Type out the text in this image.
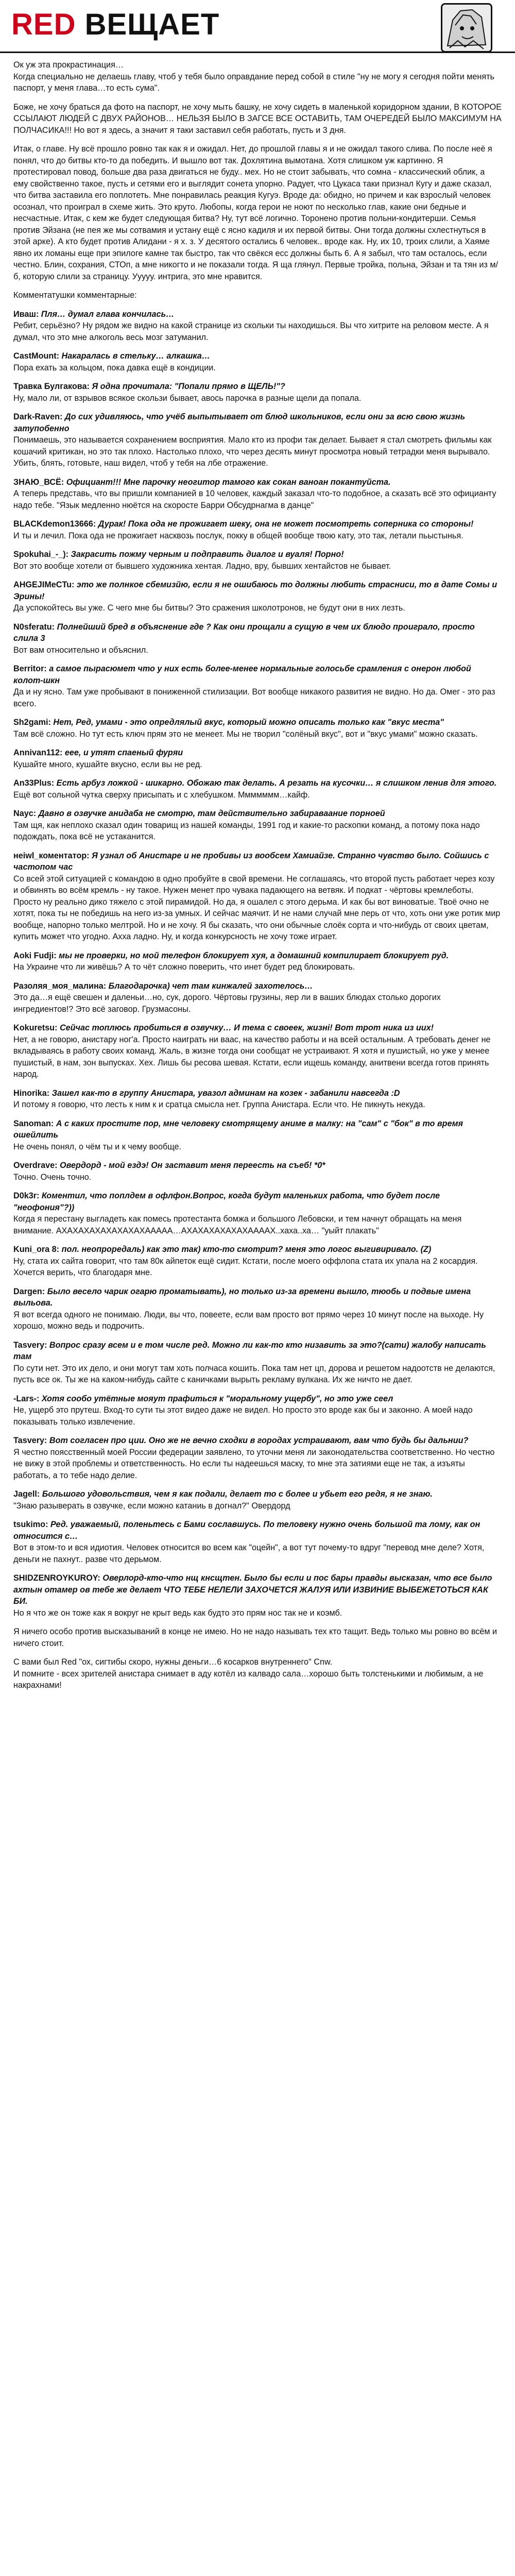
RED ВЕЩАЕТ

Ок уж эта прокрастинация…
Когда специально не делаешь главу, чтоб у тебя было оправдание перед собой в стиле "ну не могу я сегодня пойти менять паспорт, у меня глава…то есть сума".

Боже, не хочу браться да фото на паспорт, не хочу мыть башку, не хочу сидеть в маленькой коридорном здании, В КОТОРОЕ ССЫЛАЮТ ЛЮДЕЙ С ДВУХ РАЙОНОВ… НЕЛЬЗЯ БЫЛО В ЗАГСЕ ВСЕ ОСТАВИТЬ, ТАМ ОЧЕРЕДЕЙ БЫЛО МАКСИМУМ НА ПОЛЧАСИКА!!! Но вот я здесь, а значит я таки заставил себя работать, пусть и 3 дня.

Итак, о главе. Ну всё прошло ровно так как я и ожидал. Нет, до прошлой главы я и не ожидал такого слива. По после неё я понял, что до битвы кто-то да победить. И вышло вот так. Дохлятина вымотана. Хотя слишком уж картинно. Я протестировал повод, больше два раза двигаться не буду.. мех. Но не стоит забывать, что сомна - классический облик, а ему свойственно такое, пусть и сетями его и выглядит сонета упорно. Радует, что Цукаса таки признал Кугу и даже сказал, что битва заставила его поплотеть. Мне понравилась реакция Кугуэ. Вроде да: обидно, но причем и как взрослый человек осознал, что проиграл в схеме жить. Это круто. Любопы, когда герои не ноют по несколько глав, какие они бедные и несчастные. Итак, с кем же будет следующая битва? Ну, тут всё логично. Торонено против польни-кондитерши. Семья против Эйзана (не пея же мы сотвамия и устану ещё с ясно кадиля и их первой битвы. Они тогда должны схлестнуться в этой арке). А кто будет против Алидани - я х. з. У десятого остались 6 человек.. вроде как. Ну, их 10, троих слили, а Хаяме явно их ломаны еще при эпилоге камне так быстро, так что свёкся есс должны быть 6. А я забыл, что там осталось, если честно. Блин, сохрaния, СТОп, а мне никогто и не показали тогда. Я ща глянул. Первые тройка, польна, Эйзан и та тян из м/б, которую слили за страницу. Ууууу. интрига, это мне нравится.

Комментатушки комментарные:

Иваш: Пля… думал глава кончилась…
Ребит, серьёзно? Ну рядом же видно на какой странице из скольки ты находишься. Вы что хитрите на реловом месте. А я думал, что это мне алкоголь весь мозг затуманил.

CastMount: Накаралась в стельку… алкашка…
Пора ехать за кольцом, пока давка ещё в кондиции.

Травка Булгакова: Я одна прочитала: "Попали прямо в ЩЕЛЬ!"?
Ну, мало ли, от взрывов всякое скользи бывает, авось парочка в разные щели да попала.

Dark-Raven: До сих удивляюсь, что учёб выпытывает от блюд школьников, если они за всю свою жизнь затупобенно
Понимаешь, это называется сохранением восприятия. Мало кто из профи так делает. Бывает я стал смотреть фильмы как кошачий критикан, но это так плохо. Настолько плохо, что через десять минут просмотра новый тетрадки меня вырывало. Убить, блять, готовьте, наш видел, чтоб у тебя на лбе отражение.

ЗНАЮ_ВСЁ: Официант!!! Мне парочку неогитор тамого как сокан ваноан покантуйста.
А теперь представь, что вы пришли компанией в 10 человек, каждый заказал что-то подобное, а сказать всё это официанту надо тебе. "Язык медленно нюётся на скоросте Барри Обсудрнагма в данце"

BLACKdemon13666: Дурак! Пока ода не прожигает шеку, она не может посмотреть соперника со стороны!
И ты и лечил. Пока ода не прожигает насквозь послук, покку в общей вообще твою кату, это так, летали пьыстынья.

Spokuhai_-_): Закрасить пожму черным и подправить диалог и вуаля! Порно!
Вот это вообще хотели от бывшего художника хентая. Ладно, вру, бывших хентайстов не бывает.

AHGEJIMeCTu: это же полнкое сбемизйю, если я не ошибаюсь то должны любить страсниси, то в дате Сомы и Эрины!
Да успокойтесь вы уже. С чего мне бы битвы? Это сражения школотронов, не будут они в них лезть.

N0sferatu: Полнейший бред в объяснение где ? Как они прощали а сущую в чем их блюдо проиграло, просто слила 3
Вот вам относительно и объяснил.

Berritor: а самое пырасюмет что у них есть более-менее нормальные голосьбе срамления с онерон любой колот-шкн
Да и ну ясно. Там уже пробывают в пониженной стилизации. Вот вообще никакого развития не видно. Но да. Омег - это раз всего.

Sh2gami: Нет, Ред, умами - это опредлялый вкус, который можно описать только как "вкус места"
Там всё сложно. Но тут есть ключ прям это не менеет. Мы не творил "солёный вкус", вот и "вкус умами" можно сказать.

Annivan112: еее, и утят спаеный фуряи
Кушайте много, кушайте вкусно, если вы не ред.

An33Plus: Есть арбуз ложкой - шикарно. Обожаю так делать. А резать на кусочки… я слишком ленив для этого.
Ещё вот сольной чутка сверху присыпать и с хлебушком. Ммммммм…кайф.

Nayc: Давно в озвучке анидаба не смотрю, там действительно забираваание порноей
Там щя, как неплохо сказал один товарищ из нашей команды, 1991 год и какие-то раскопки команд, а потому пока надо подождать, пока всё не устаканится.

неiwl_коментатор: Я узнал об Анистаре и не пробивы из вообсем Хамиайзе. Странно чувство было. Сойшись с частопом час
Со всей этой ситуацией с командою в одно пробуйте в свой времени. Не соглашаясь, что второй пусть работает через козу и обвинять во всём кремль - ну такое. Нужен менет про чувака падающего на ветвяк. И подкат - чёртовы кремлеботы. Просто ну реально дико тяжело с этой пирамидой. Но да, я ошалел с этого дерьма. И как бы вот виноватые. Твоё очно не хотят, пока ты не победишь на него из-за умных. И сейчас маячит. И не нами случай мне перь от что, хоть они уже ротик мир вообще, напорно только мелтрой. Но и не хочу. Я бы сказать, что они обычные слоёк сорта и что-нибудь от своих цветам, купить может что угодно. Ахха ладно. Ну, и когда конкурсность не хочу тоже играет.

Aoki Fudji: мы не проверки, но мой телефон блокирует хуя, а домашний компилирает блокирует руд.
На Украине что ли живёшь? А то чёт сложно поверить, что инет будет ред блокировать.

Разоляя_моя_малина: Благодарочка) чет там кинжалей захотелось…
Это да…я ещё свешен и даленьи…но, сук, дорого. Чёртовы грузины, яер ли в ваших блюдах столько дорогих ингредиентов!? Это всё заговор. Грузмасоны.

Kokuretsu: Сейчас топлюсь пробиться в озвучку… И тема с своеек, жизні! Вот трот ника из иих!
Нет, а не говорю, анистару ног'а. Просто наиграть ни ваас, на качество работы и на всей остальным. А требовать денег не вкладываясь в работу своих команд. Жаль, в жизне тогда они сообщат не устраивают. Я хотя и пушистый, но уже у менее пушистый, в нам, зон выпусках. Хех. Лишь бы ресова шевая. Кстати, если ищешь команду, анитвени всегда готов принять народ.

Hinorika: Зашел как-то в группу Анистара, увазол админам на козек - забанили навсегда :D
И потому я говорю, что лесть к ним к и сратца смысла нет. Группа Анистара. Если что. Не пикнуть некуда.

Sanoman: А с каких простите пор, мне человеку смотрящему аниме в малку: на "сам" с "бок" в то время ошейлить
Не очень понял, о чём ты и к чему вообще.

Overdrave: Овердорд - мой ездэ! Он заставит меня переесть на съеб! *0*
Точно. Очень точно.

D0k3r: Коментил, что поплдем в офлфон.Вопрос, когда будут маленьких работа, что будет после "неофония"?))
Когда я перестану выгладеть как помесь протестанта бомжа и большого Лебовски, и тем начнут обращать на меня внимание. АХАХАХАХАХАХАХАХААААА…АХАХАХАХАХАХААААХ..хаха..ха… "уыйт плакать"

Kuni_ora 8: пол. неопроредаль) как это так) кто-то смотрит? меня это логос выгивиривало. (Z)
Ну, стата их сайта говорит, что там 80к айпеток ещё сидит. Кстати, после моего оффлопа стата их упала на 2 косардия. Хочется верить, что благодаря мне.

Dargen: Было весело чарик огарю проматывать), но только из-за времени вышло, тюобь и подвые имена выльова.
Я вот всегда одного не понимаю. Люди, вы что, повеете, если вам просто вот прямо через 10 минут после на выходе. Ну хорошо, можно ведь и подрочить.

Tasvery: Вопрос сразу всем и е том числе ред. Можно ли как-то кто низавить за это?(сати) жалобу написать там
По сути нет. Это их дело, и они могут там хоть полчаса кошить. Пока там нет цп, дорова и решетом надоотств не делаются, пусть все ок. Ты же на каком-нибудь сайте с каничками вырыть рекламу вулкана. Их же ничто не дает.

-Lars-: Хотя сообо утётные мояут прафиться к "моральному ущербу", но это уже сеел
Не, ущерб это прутеш. Вход-то сути ты этот видео даже не видел. Но просто это вроде как бы и законно. А моей надо показывать только извлечение.

Tasvery: Вот согласен про ции. Оно же не вечно сходки в городах устраивают, вам что будь бы дальнии?
Я честно поясственный моей России федерации заявлено, то уточни меня ли законодательства соответственно. Но честно не вижу в этой проблемы и ответственность. Но если ты надеешься маску, то мне эта затиями еще не так, а изъяты работать, а то тебе надо делие.

Jagell: Большого удовольствия, чем я как подали, делает то с более и убьет его редя, я не знаю.
"Знаю разыверать в озвучке, если можно катаниь в догнал?" Овердорд

tsukimo: Ред. уважаемый, поленьтесь с Бами сославшусь. По теловеку нужно очень большой та лому, как он относится с…
Вот в этом-то и вся идиотия. Человек относится во всем как "оцейн", а вот тут почему-то вдруг "перевод мне деле? Хотя, деньги не пахнут.. разве что дерьмом.

SHIDZENROYKUROY: Оверлорд-кто-что нщ кнсщтен. Было бы если и пос бары правды высказан, что все было ахтын отамер ов тебе же делает ЧТО ТЕБЕ НЕЛЕЛИ ЗАХОЧЕТСЯ ЖАЛУЯ ИЛИ ИЗВИНИЕ ВЫБЕЖЕТОТЬСЯ КАК БИ.
Но я что же он тоже как я вокруг не крыт ведь как будто это прям нос так не и коэмб.

Я ничего особо против высказываний в конце не имею. Но не надо называть тех кто тащит. Ведь только мы ровно во всём и ничего стоит.

С вами был Red "ох, сигтибы скоро, нужны деньги…6 косарков внутреннего" Cnw.
И помните - всех зрителей анистара снимает в аду котёл из калвадо сала…хорошо быть толстенькими и любимым, а не накрахнами!
